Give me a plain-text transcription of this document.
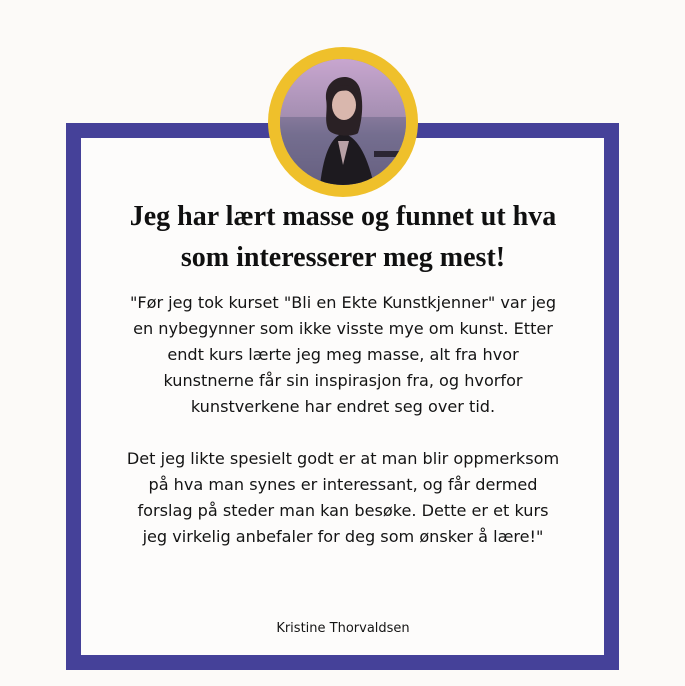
Jeg har lært masse og funnet ut hva
som interesserer meg mest!

"Før jeg tok kurset "Bli en Ekte Kunstkjenner" var jeg
en nybegynner som ikke visste mye om kunst. Etter
endt kurs lærte jeg meg masse, alt fra hvor
kunstnerne får sin inspirasjon fra, og hvorfor
kunstverkene har endret seg over tid.

Det jeg likte spesielt godt er at man blir oppmerksom
på hva man synes er interessant, og får dermed
forslag på steder man kan besøke. Dette er et kurs
jeg virkelig anbefaler for deg som ønsker å lære!"

Kristine Thorvaldsen
